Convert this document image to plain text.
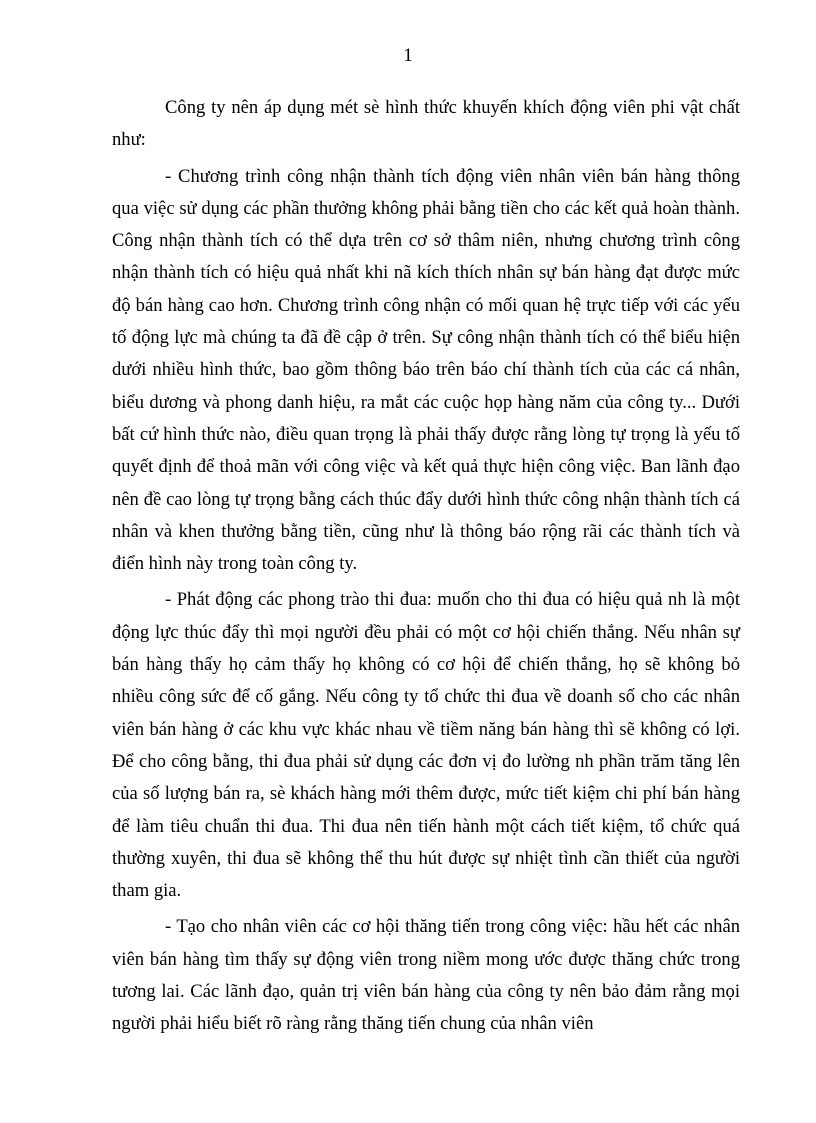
1

Công ty nên áp dụng mét sè hình thức khuyến khích động viên phi vật chất như:

- Chương trình công nhận thành tích động viên nhân viên bán hàng thông qua việc sử dụng các phần thưởng không phải bằng tiền cho các kết quả hoàn thành. Công nhận thành tích có thể dựa trên cơ sở thâm niên, nhưng chương trình công nhận thành tích có hiệu quả nhất khi nã kích thích nhân sự bán hàng đạt được mức độ bán hàng cao hơn. Chương trình công nhận có mối quan hệ trực tiếp với các yếu tố động lực mà chúng ta đã đề cập ở trên. Sự công nhận thành tích có thể biểu hiện dưới nhiều hình thức, bao gồm thông báo trên báo chí thành tích của các cá nhân, biểu dương và phong danh hiệu, ra mắt các cuộc họp hàng năm của công ty... Dưới bất cứ hình thức nào, điều quan trọng là phải thấy được rằng lòng tự trọng là yếu tố quyết định để thoả mãn với công việc và kết quả thực hiện công việc. Ban lãnh đạo nên đề cao lòng tự trọng bằng cách thúc đẩy dưới hình thức công nhận thành tích cá nhân và khen thưởng bằng tiền, cũng như là thông báo rộng rãi các thành tích và điển hình này trong toàn công ty.

- Phát động các phong trào thi đua: muốn cho thi đua có hiệu quả nh là một động lực thúc đẩy thì mọi người đều phải có một cơ hội chiến thắng. Nếu nhân sự bán hàng thấy họ cảm thấy họ không có cơ hội để chiến thắng, họ sẽ không bỏ nhiều công sức để cố gắng. Nếu công ty tổ chức thi đua về doanh số cho các nhân viên bán hàng ở các khu vực khác nhau về tiềm năng bán hàng thì sẽ không có lợi. Để cho công bằng, thi đua phải sử dụng các đơn vị đo lường nh phần trăm tăng lên của số lượng bán ra, sè khách hàng mới thêm được, mức tiết kiệm chi phí bán hàng để làm tiêu chuẩn thi đua. Thi đua nên tiến hành một cách tiết kiệm, tổ chức quá thường xuyên, thi đua sẽ không thể thu hút được sự nhiệt tình cần thiết của người tham gia.

- Tạo cho nhân viên các cơ hội thăng tiến trong công việc: hầu hết các nhân viên bán hàng tìm thấy sự động viên trong niềm mong ước được thăng chức trong tương lai. Các lãnh đạo, quản trị viên bán hàng của công ty nên bảo đảm rằng mọi người phải hiểu biết rõ ràng rằng thăng tiến chung của nhân viên
